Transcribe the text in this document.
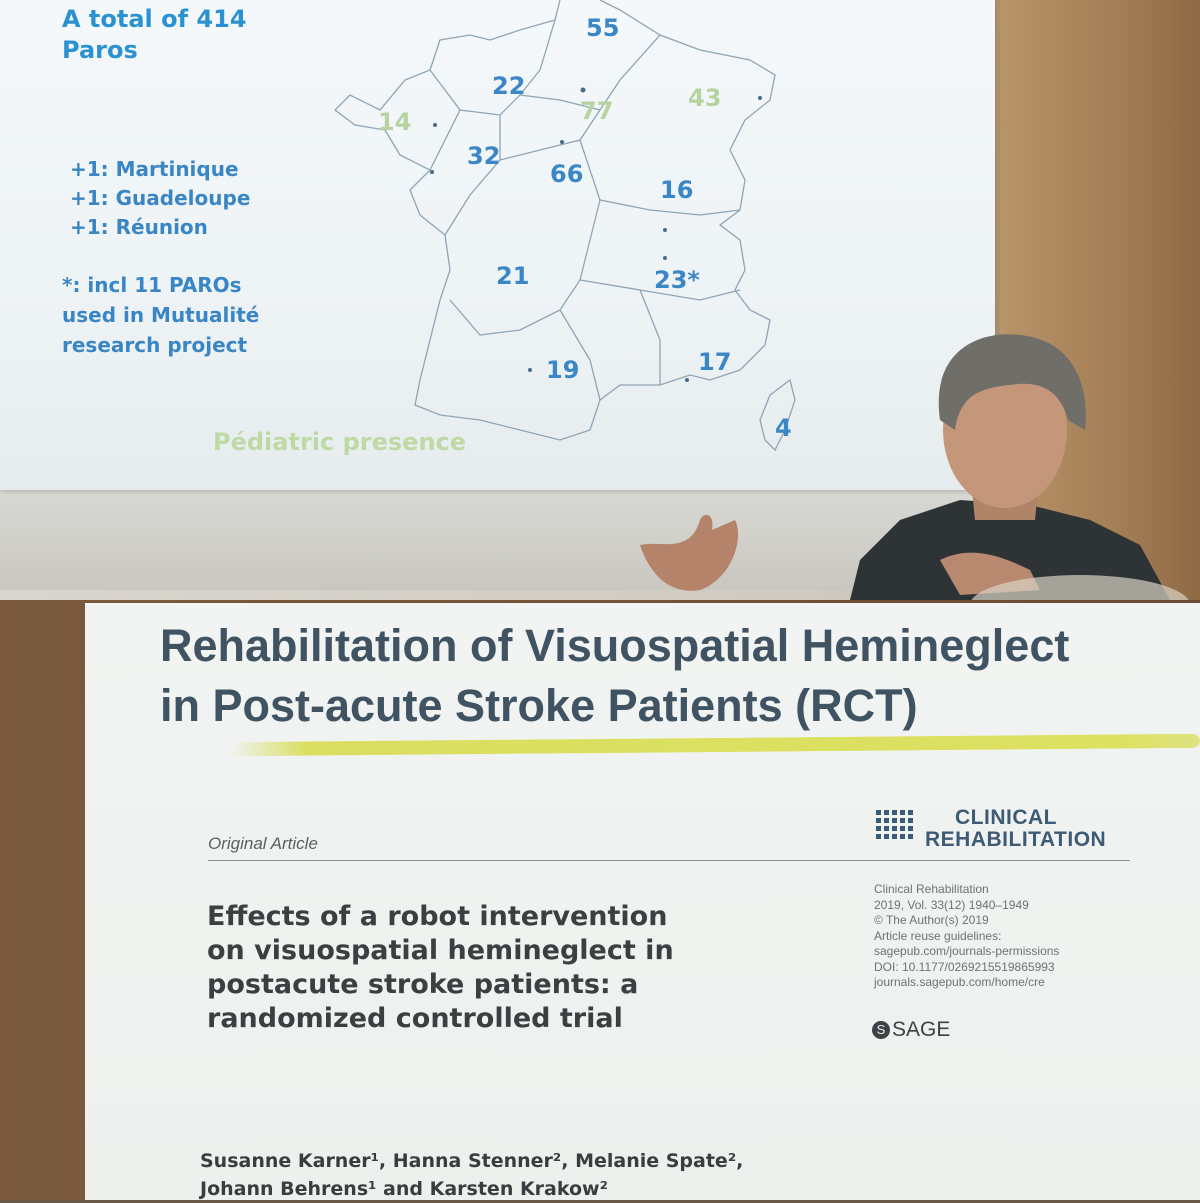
A total of 414
Paros
+1: Martinique
+1: Guadeloupe
+1: Réunion
*: incl 11 PAROs
used in Mutualité
research project
Pédiatric presence
55
22
77	43
14
32
66
16
21	23*
19	17
4
Rehabilitation of Visuospatial Hemineglect
in Post-acute Stroke Patients (RCT)
CLINICAL
REHABILITATION
Original Article
Effects of a robot intervention
on visuospatial hemineglect in
postacute stroke patients: a
randomized controlled trial
Clinical Rehabilitation
2019, Vol. 33(12) 1940–1949
© The Author(s) 2019
Article reuse guidelines:
sagepub.com/journals-permissions
DOI: 10.1177/0269215519865993
journals.sagepub.com/home/cre
S SAGE
Susanne Karner¹, Hanna Stenner², Melanie Spate²,
Johann Behrens¹ and Karsten Krakow²
